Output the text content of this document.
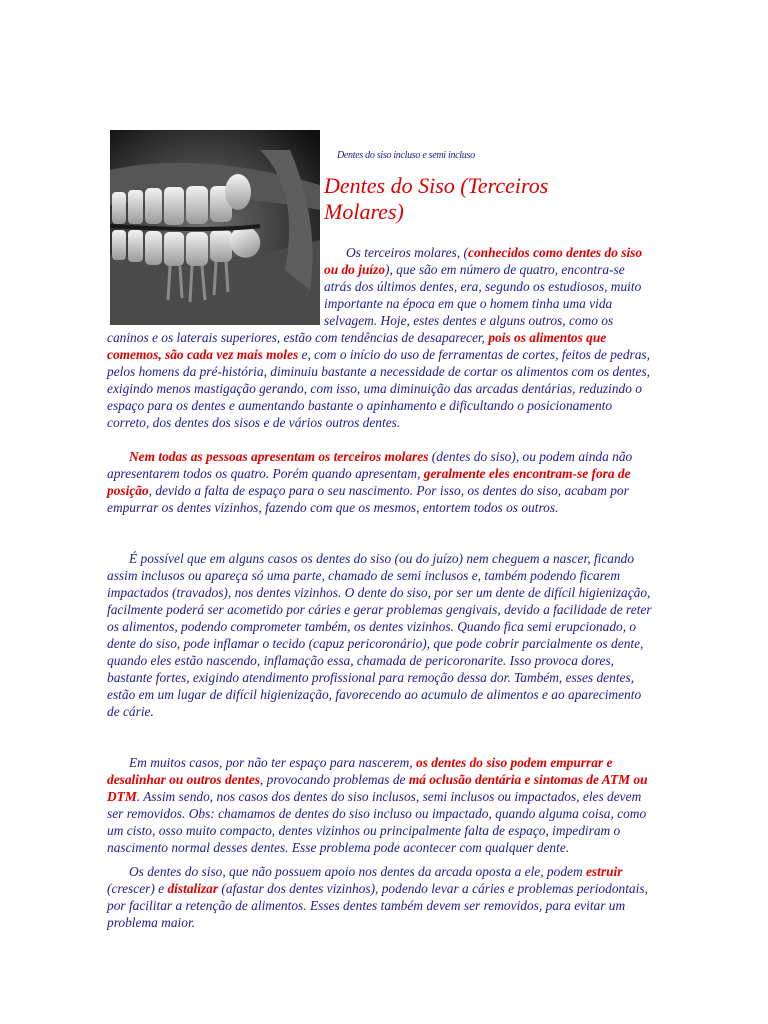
Dentes do siso incluso e semi incluso
Dentes do Siso (Terceiros Molares)

Os terceiros molares, (conhecidos como dentes do siso ou do juízo), que são em número de quatro, encontra-se atrás dos últimos dentes, era, segundo os estudiosos, muito importante na época em que o homem tinha uma vida selvagem. Hoje, estes dentes e alguns outros, como os caninos e os laterais superiores, estão com tendências de desaparecer, pois os alimentos que comemos, são cada vez mais moles e, com o início do uso de ferramentas de cortes, feitos de pedras, pelos homens da pré-história, diminuiu bastante a necessidade de cortar os alimentos com os dentes, exigindo menos mastigação gerando, com isso, uma diminuição das arcadas dentárias, reduzindo o espaço para os dentes e aumentando bastante o apinhamento e dificultando o posicionamento correto, dos dentes dos sisos e de vários outros dentes.

Nem todas as pessoas apresentam os terceiros molares (dentes do siso), ou podem ainda não apresentarem todos os quatro. Porém quando apresentam, geralmente eles encontram-se fora de posição, devido a falta de espaço para o seu nascimento. Por isso, os dentes do siso, acabam por empurrar os dentes vizinhos, fazendo com que os mesmos, entortem todos os outros.

É possível que em alguns casos os dentes do siso (ou do juízo) nem cheguem a nascer, ficando assim inclusos ou apareça só uma parte, chamado de semi inclusos e, também podendo ficarem impactados (travados), nos dentes vizinhos. O dente do siso, por ser um dente de difícil higienização, facilmente poderá ser acometido por cáries e gerar problemas gengivais, devido a facilidade de reter os alimentos, podendo comprometer também, os dentes vizinhos. Quando fica semi erupcionado, o dente do siso, pode inflamar o tecido (capuz pericoronário), que pode cobrir parcialmente os dente, quando eles estão nascendo, inflamação essa, chamada de pericoronarite. Isso provoca dores, bastante fortes, exigindo atendimento profissional para remoção dessa dor. Também, esses dentes, estão em um lugar de difícil higienização, favorecendo ao acumulo de alimentos e ao aparecimento de cárie.

Em muitos casos, por não ter espaço para nascerem, os dentes do siso podem empurrar e desalinhar ou outros dentes, provocando problemas de má oclusão dentária e sintomas de ATM ou DTM. Assim sendo, nos casos dos dentes do siso inclusos, semi inclusos ou impactados, eles devem ser removidos. Obs: chamamos de dentes do siso incluso ou impactado, quando alguma coisa, como um cisto, osso muito compacto, dentes vizinhos ou principalmente falta de espaço, impediram o nascimento normal desses dentes. Esse problema pode acontecer com qualquer dente.

Os dentes do siso, que não possuem apoio nos dentes da arcada oposta a ele, podem estruir (crescer) e distalizar (afastar dos dentes vizinhos), podendo levar a cáries e problemas periodontais, por facilitar a retenção de alimentos. Esses dentes também devem ser removidos, para evitar um problema maior.
